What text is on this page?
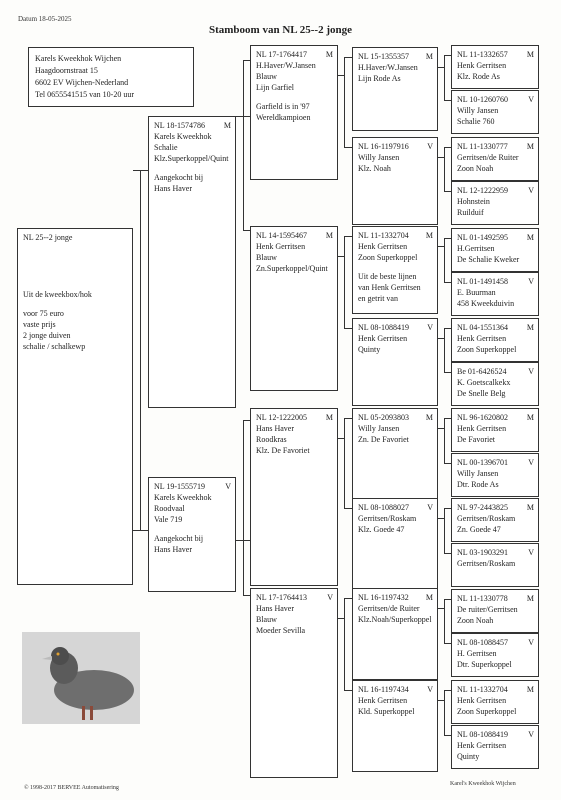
Datum 18-05-2025
Stamboom van NL 25--2 jonge
Karels Kweekhok Wijchen
Haagdoornstraat 15
6602 EV Wijchen-Nederland
Tel 0655541515 van 10-20 uur
NL 25--2 jonge
Uit de kweekbox/hok
voor 75 euro
vaste prijs
2 jonge duiven
schalie / schalkewp
NL 18-1574786	M
Karels Kweekhok
Schalie
Klz.Superkoppel/Quint
Aangekocht bij
Hans Haver
NL 19-1555719	V
Karels Kweekhok
Roodvaal
Vale 719
Aangekocht bij
Hans Haver
NL 17-1764417	M
H.Haver/W.Jansen
Blauw
Lijn Garfiel
Garfield is in '97
Wereldkampioen
NL 14-1595467	M
Henk Gerritsen
Blauw
Zn.Superkoppel/Quint
NL 12-1222005	M
Hans Haver
Roodkras
Klz. De Favoriet
NL 17-1764413	V
Hans Haver
Blauw
Moeder Sevilla
NL 15-1355357	M
H.Haver/W.Jansen
Lijn Rode As
NL 16-1197916	V
Willy Jansen
Klz. Noah
NL 11-1332704	M
Henk Gerritsen
Zoon Superkoppel
Uit de beste lijnen
van Henk Gerritsen
en getrit van
NL 08-1088419	V
Henk Gerritsen
Quinty
NL 05-2093803	M
Willy Jansen
Zn. De Favoriet
NL 08-1088027	V
Gerritsen/Roskam
Klz. Goede 47
NL 16-1197432	M
Gerritsen/de Ruiter
Klz.Noah/Superkoppel
NL 16-1197434	V
Henk Gerritsen
Kld. Superkoppel
NL 11-1332657	M
Henk Gerritsen
Klz. Rode As
NL 10-1260760	V
Willy Jansen
Schalie 760
NL 11-1330777	M
Gerritsen/de Ruiter
Zoon Noah
NL 12-1222959	V
Hohnstein
Ruilduif
NL 01-1492595	M
H.Gerritsen
De Schalie Kweker
NL 01-1491458	V
E. Buurman
458 Kweekduivin
NL 04-1551364	M
Henk Gerritsen
Zoon Superkoppel
Be 01-6426524	V
K. Goetscalkekx
De Snelle Belg
NL 96-1620802	M
Henk Gerritsen
De Favoriet
NL 00-1396701	V
Willy Jansen
Dtr. Rode As
NL 97-2443825	M
Gerritsen/Roskam
Zn. Goede 47
NL 03-1903291	V
Gerritsen/Roskam
NL 11-1330778	M
De ruiter/Gerritsen
Zoon Noah
NL 08-1088457	V
H. Gerritsen
Dtr. Superkoppel
NL 11-1332704	M
Henk Gerritsen
Zoon Superkoppel
NL 08-1088419	V
Henk Gerritsen
Quinty
© 1998-2017 BERVEE Automatisering
Karel's Kweekhok Wijchen
